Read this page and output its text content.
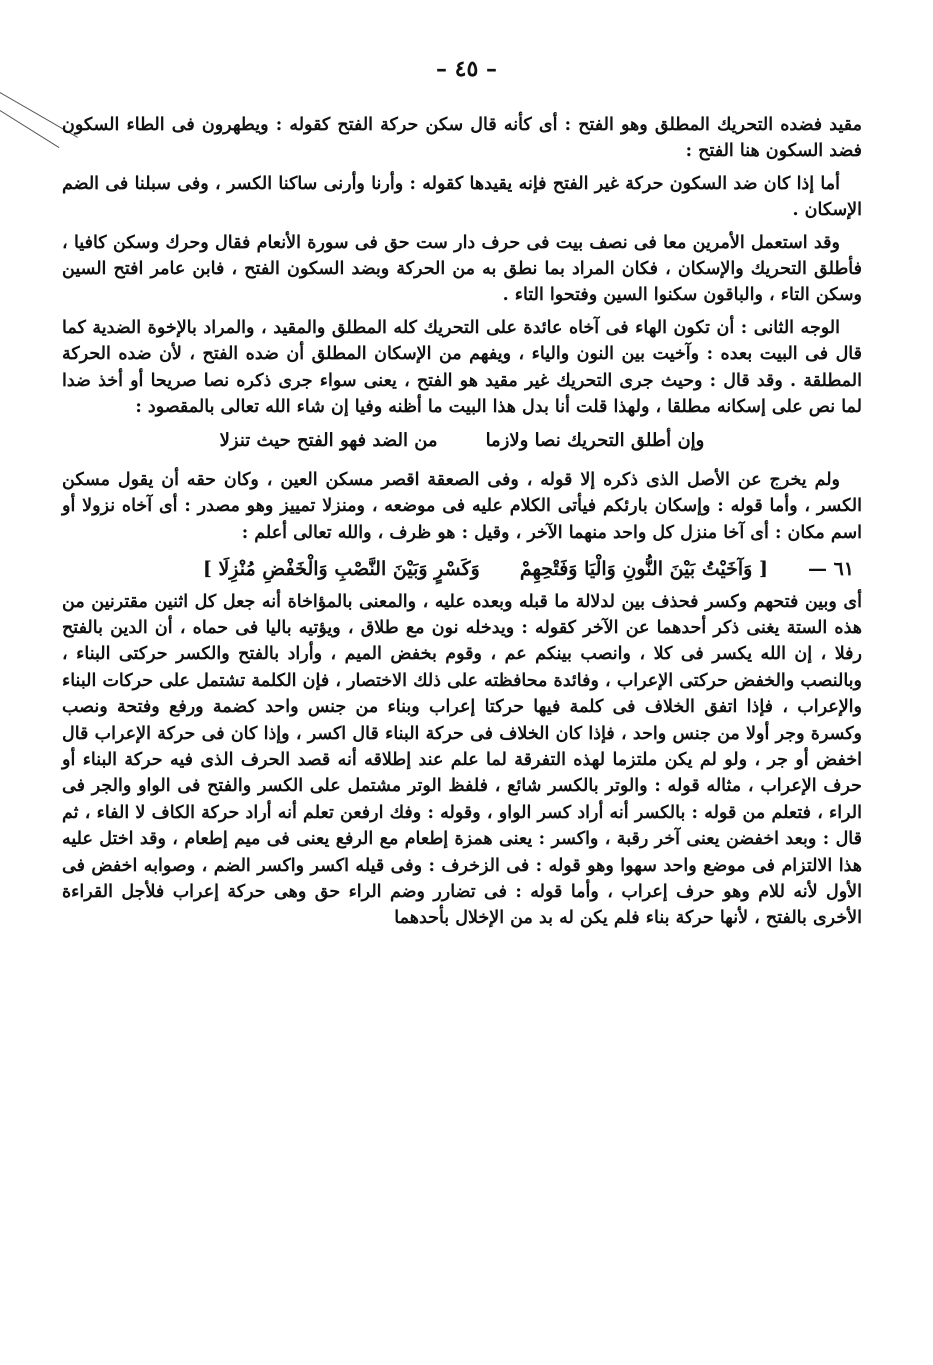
– ٤٥ –

مقيد فضده التحريك المطلق وهو الفتح : أى كأنه قال سكن حركة الفتح كقوله : ويطهرون فى الطاء السكون فضد السكون هنا الفتح :

أما إذا كان ضد السكون حركة غير الفتح فإنه يقيدها كقوله : وأرنا وأرنى ساكنا الكسر ، وفى سبلنا فى الضم الإسكان .

وقد استعمل الأمرين معا فى نصف بيت فى حرف دار ست حق فى سورة الأنعام فقال وحرك وسكن كافيا ، فأطلق التحريك والإسكان ، فكان المراد بما نطق به من الحركة وبضد السكون الفتح ، فابن عامر افتح السين وسكن التاء ، والباقون سكنوا السين وفتحوا التاء .

الوجه الثانى : أن تكون الهاء فى آخاه عائدة على التحريك كله المطلق والمقيد ، والمراد بالإخوة الضدية كما قال فى البيت بعده : وآخيت بين النون والياء ، ويفهم من الإسكان المطلق أن ضده الفتح ، لأن ضده الحركة المطلقة . وقد قال : وحيث جرى التحريك غير مقيد هو الفتح ، يعنى سواء جرى ذكره نصا صريحا أو أخذ ضدا لما نص على إسكانه مطلقا ، ولهذا قلت أنا بدل هذا البيت ما أظنه وفيا إن شاء الله تعالى بالمقصود :

وإن أطلق التحريك نصا ولازما
من الضد فهو الفتح حيث تنزلا

ولم يخرج عن الأصل الذى ذكره إلا قوله ، وفى الصعقة اقصر مسكن العين ، وكان حقه أن يقول مسكن الكسر ، وأما قوله : وإسكان بارئكم فيأتى الكلام عليه فى موضعه ، ومنزلا تمييز وهو مصدر : أى آخاه نزولا أو اسم مكان : أى آخا منزل كل واحد منهما الآخر ، وقيل : هو ظرف ، والله تعالى أعلم :

٦١ —
[ وَآخَيْتُ بَيْنَ النُّونِ وَالْيَا وَفَتْحِهِمْ
وَكَسْرٍ وَبَيْنَ النَّصْبِ وَالْخَفْضِ مُنْزِلَا ]

أى وبين فتحهم وكسر فحذف بين لدلالة ما قبله وبعده عليه ، والمعنى بالمؤاخاة أنه جعل كل اثنين مقترنين من هذه الستة يغنى ذكر أحدهما عن الآخر كقوله : ويدخله نون مع طلاق ، ويؤتيه باليا فى حماه ، أن الدين بالفتح رفلا ، إن الله يكسر فى كلا ، وانصب بينكم عم ، وقوم بخفض الميم ، وأراد بالفتح والكسر حركتى البناء ، وبالنصب والخفض حركتى الإعراب ، وفائدة محافظته على ذلك الاختصار ، فإن الكلمة تشتمل على حركات البناء والإعراب ، فإذا اتفق الخلاف فى كلمة فيها حركتا إعراب وبناء من جنس واحد كضمة ورفع وفتحة ونصب وكسرة وجر أولا من جنس واحد ، فإذا كان الخلاف فى حركة البناء قال اكسر ، وإذا كان فى حركة الإعراب قال اخفض أو جر ، ولو لم يكن ملتزما لهذه التفرقة لما علم عند إطلاقه أنه قصد الحرف الذى فيه حركة البناء أو حرف الإعراب ، مثاله قوله : والوتر بالكسر شائع ، فلفظ الوتر مشتمل على الكسر والفتح فى الواو والجر فى الراء ، فتعلم من قوله : بالكسر أنه أراد كسر الواو ، وقوله : وفك ارفعن تعلم أنه أراد حركة الكاف لا الفاء ، ثم قال : وبعد اخفضن يعنى آخر رقبة ، واكسر : يعنى همزة إطعام مع الرفع يعنى فى ميم إطعام ، وقد اختل عليه هذا الالتزام فى موضع واحد سهوا وهو قوله : فى الزخرف : وفى قيله اكسر واكسر الضم ، وصوابه اخفض فى الأول لأنه للام وهو حرف إعراب ، وأما قوله : فى تضارر وضم الراء حق وهى حركة إعراب فلأجل القراءة الأخرى بالفتح ، لأنها حركة بناء فلم يكن له بد من الإخلال بأحدهما
